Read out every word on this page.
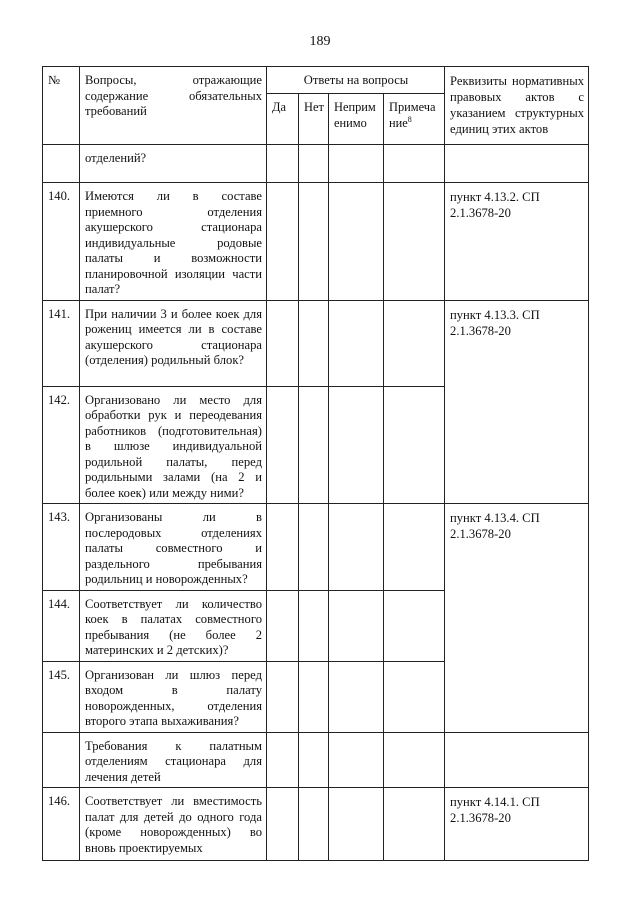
189
№	Вопросы, отражающие содержание обязательных требований	Ответы на вопросы				Реквизиты нормативных правовых актов с указанием структурных единиц этих актов
		Да	Нет	Неприм енимо	Примеча ние$^8$
	отделений?					
140.	Имеются ли в составе приемного отделения акушерского стационара индивидуальные родовые палаты и возможности планировочной изоляции части палат?					пункт 4.13.2. СП 2.1.3678-20
141.	При наличии 3 и более коек для рожениц имеется ли в составе акушерского стационара (отделения) родильный блок?					пункт 4.13.3. СП 2.1.3678-20
142.	Организовано ли место для обработки рук и переодевания работников (подготовительная) в шлюзе индивидуальной родильной палаты, перед родильными залами (на 2 и более коек) или между ними?					
143.	Организованы ли в послеродовых отделениях палаты совместного и раздельного пребывания родильниц и новорожденных?					пункт 4.13.4. СП 2.1.3678-20
144.	Соответствует ли количество коек в палатах совместного пребывания (не более 2 материнских и 2 детских)?					
145.	Организован ли шлюз перед входом в палату новорожденных, отделения второго этапа выхаживания?					
	Требования к палатным отделениям стационара для лечения детей					
146.	Соответствует ли вместимость палат для детей до одного года (кроме новорожденных) во вновь проектируемых					пункт 4.14.1. СП 2.1.3678-20
